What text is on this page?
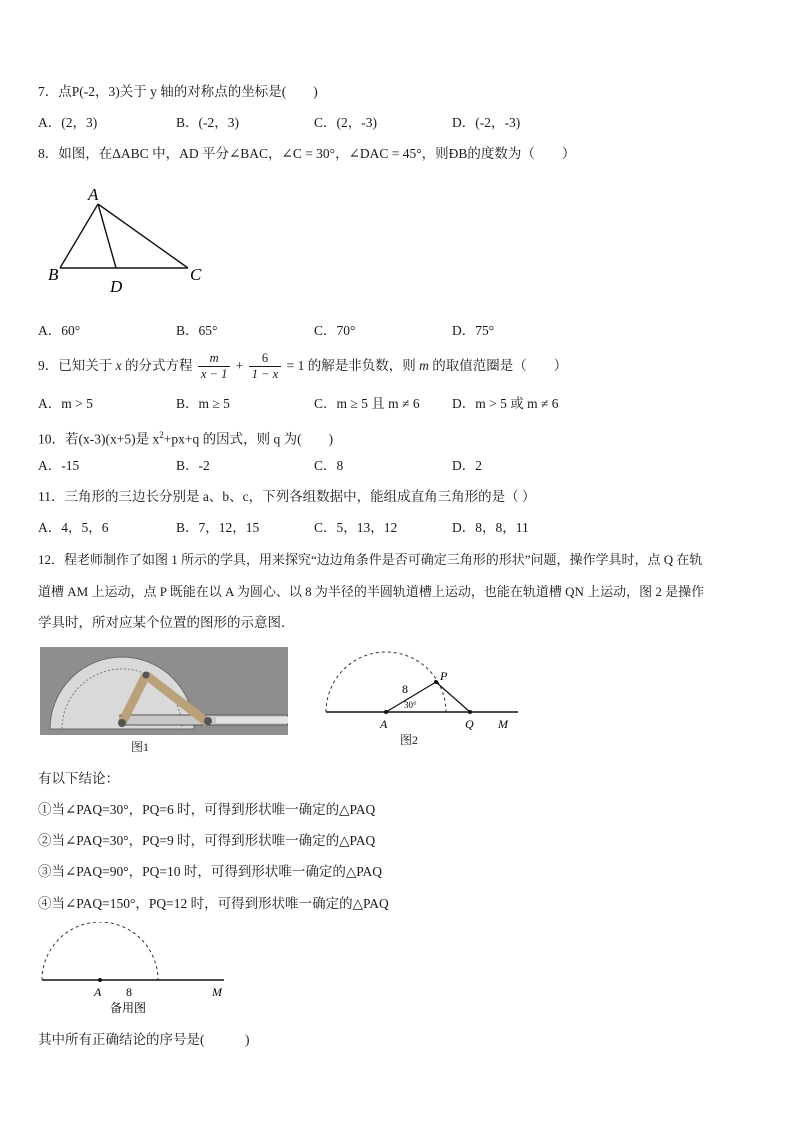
7．点P(-2，3)关于 y 轴的对称点的坐标是(　　)
A．(2，3)	B．(-2，3)	C．(2，-3)	D．(-2，-3)
8．如图，在ΔABC 中，AD 平分∠BAC，∠C = 30°，∠DAC = 45°，则ÐB的度数为（　　）
A
B	C
D
A．60°	B．65°	C．70°	D．75°
9．已知关于 x 的分式方程 $\frac{m}{x - 1} + \frac{6}{1 - x} = 1$ 的解是非负数，则 m 的取值范圈是（　　）
A．m > 5	B．m ≥ 5	C．m ≥ 5 且 m ≠ 6 D．m > 5 或 m ≠ 6
10．若(x-3)(x+5)是 $x^2+px+q$ 的因式，则 q 为(　　)
A．-15	B．-2	C．8	D．2
11．三角形的三边长分别是 a、b、c，下列各组数据中，能组成直角三角形的是（ ）
A．4，5，6	B．7，12，15	C．5，13，12	D．8，8，11
12．程老师制作了如图 1 所示的学具，用来探究“边边角条件是否可确定三角形的形状”问题，操作学具时，点 Q 在轨
道槽 AM 上运动，点 P 既能在以 A 为圆心、以 8 为半径的半圆轨道槽上运动，也能在轨道槽 QN 上运动，图 2 是操作
学具时，所对应某个位置的图形的示意图．
图1
P
8
30°
A	Q M
图2
有以下结论：
①当∠PAQ=30°，PQ=6 时，可得到形状唯一确定的△PAQ
②当∠PAQ=30°，PQ=9 时，可得到形状唯一确定的△PAQ
③当∠PAQ=90°，PQ=10 时，可得到形状唯一确定的△PAQ
④当∠PAQ=150°，PQ=12 时，可得到形状唯一确定的△PAQ
A 8	M
备用图
其中所有正确结论的序号是(　　　)
